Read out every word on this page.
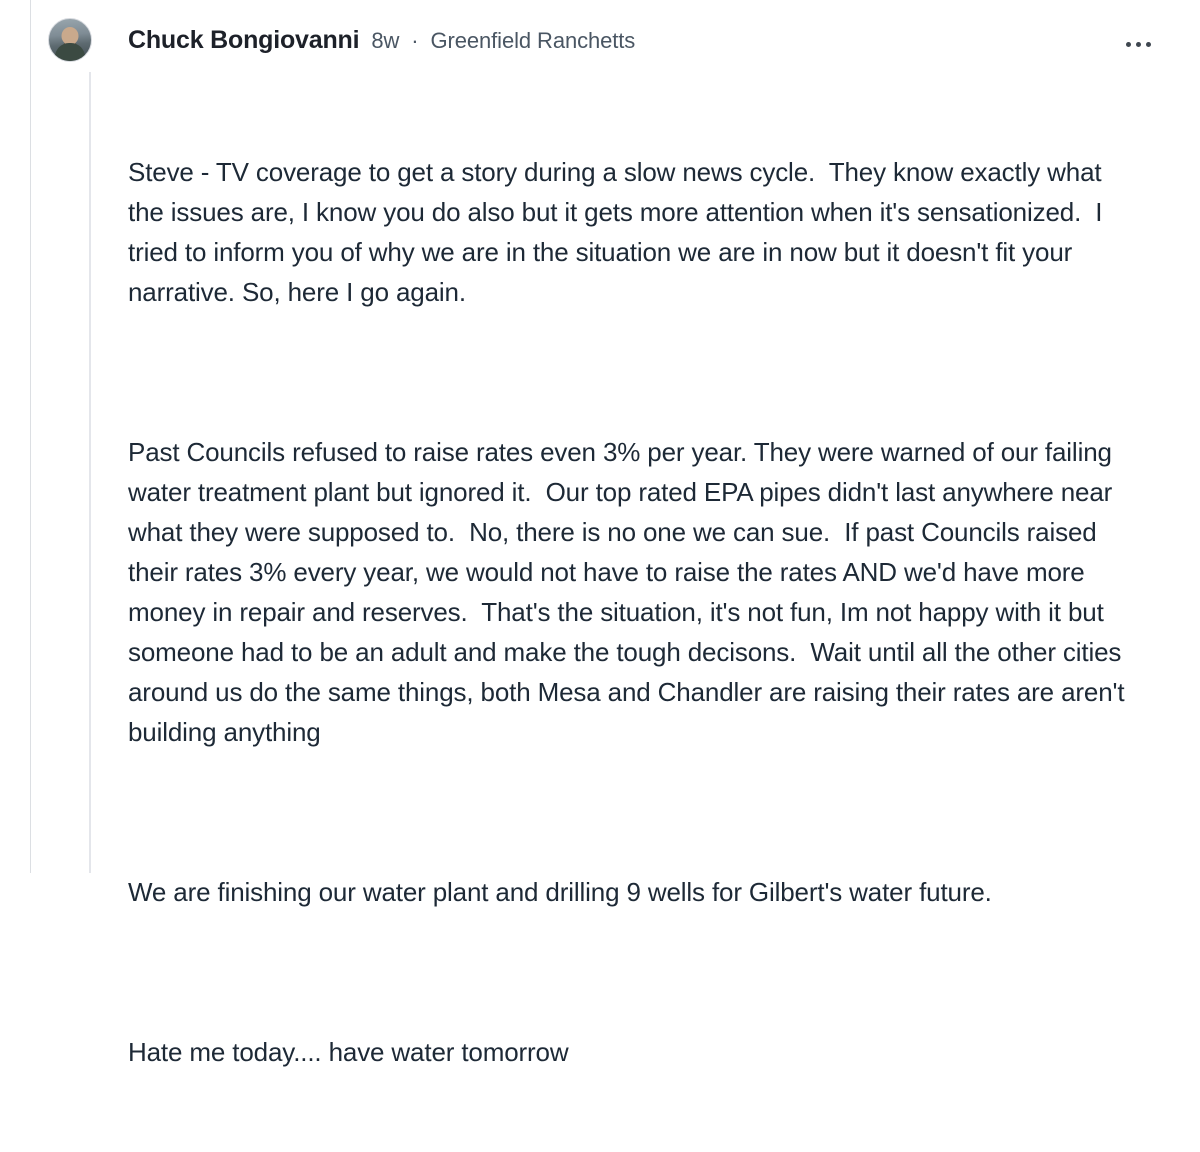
Chuck Bongiovanni 8w · Greenfield Ranchetts

Steve - TV coverage to get a story during a slow news cycle.  They know exactly what the issues are, I know you do also but it gets more attention when it's sensationized.  I tried to inform you of why we are in the situation we are in now but it doesn't fit your narrative. So, here I go again.

Past Councils refused to raise rates even 3% per year. They were warned of our failing water treatment plant but ignored it.  Our top rated EPA pipes didn't last anywhere near what they were supposed to.  No, there is no one we can sue.  If past Councils raised their rates 3% every year, we would not have to raise the rates AND we'd have more money in repair and reserves.  That's the situation, it's not fun, Im not happy with it but someone had to be an adult and make the tough decisons.  Wait until all the other cities around us do the same things, both Mesa and Chandler are raising their rates are aren't building anything

We are finishing our water plant and drilling 9 wells for Gilbert's water future.

Hate me today.... have water tomorrow
